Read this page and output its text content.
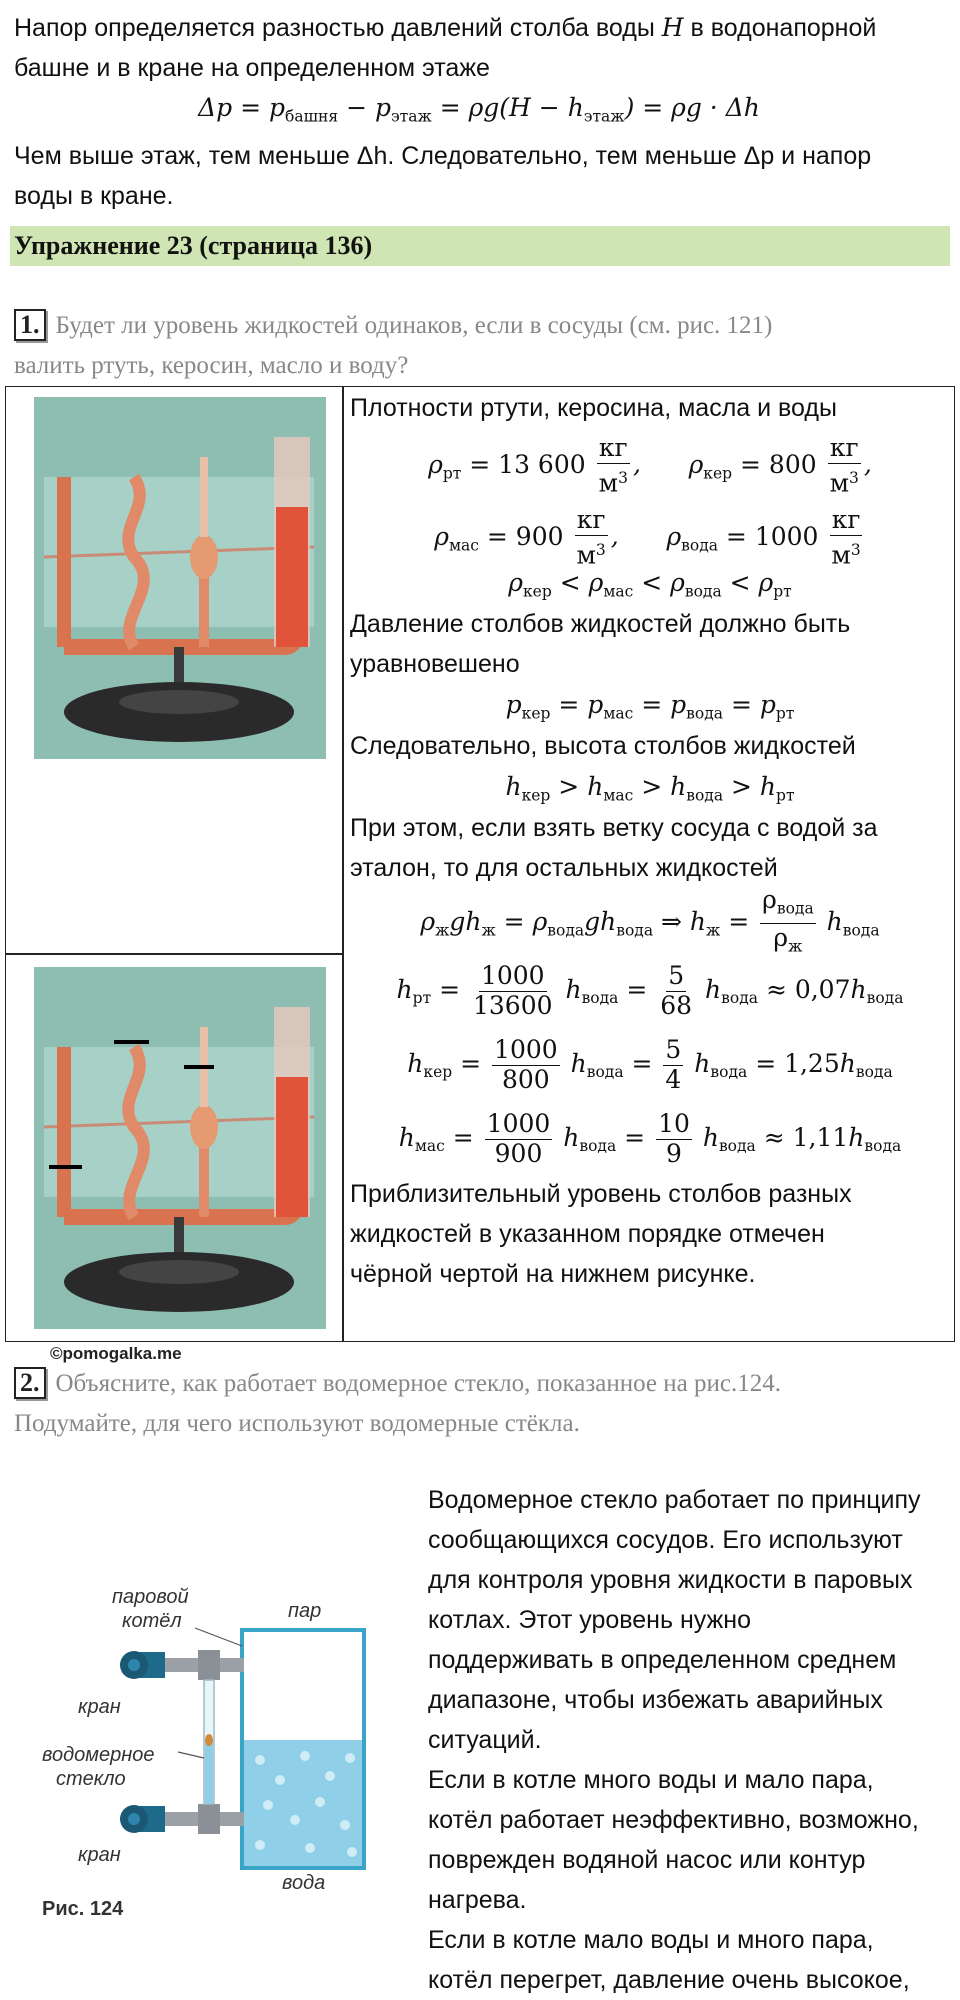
Напор определяется разностью давлений столба воды H в водонапорной
башне и в кране на определенном этаже
$\Delta p = p_{башня} - p_{этаж} = \rho g(H - h_{этаж}) = \rho g \cdot \Delta h$
Чем выше этаж, тем меньше Δh. Следовательно, тем меньше Δp и напор
воды в кране.
Упражнение 23 (страница 136)
1. Будет ли уровень жидкостей одинаков, если в сосуды (см. рис. 121)
валить ртуть, керосин, масло и воду?
Плотности ртути, керосина, масла и воды
$\rho_{рт} = 13$ $600 \frac{кг}{м^3}$ ,      $\rho_{кер} = 800 \frac{кг}{м^3}$ ,
$\rho_{мас} = 900 \frac{кг}{м^3}$ ,      $\rho_{вода} = 1000 \frac{кг}{м^3}$
$\rho_{кер} < \rho_{мас} < \rho_{вода} < \rho_{рт}$
Давление столбов жидкостей должно быть
уравновешено
$p_{кер} = p_{мас} = p_{вода} = p_{рт}$
Следовательно, высота столбов жидкостей
$h_{кер} > h_{мас} > h_{вода} > h_{рт}$
При этом, если взять ветку сосуда с водой за
эталон, то для остальных жидкостей
$\rho_жgh_ж = \rho_{вода}gh_{вода}$ ⇒ $h_ж = \frac{\rho_{вода}}{\rho_ж} h_{вода}$
$h_{рт} = \frac{1000}{13600} h_{вода} = \frac{5}{68} h_{вода} \approx 0,07h_{вода}$
$h_{кер} = \frac{1000}{800} h_{вода} = \frac{5}{4} h_{вода} = 1,25h_{вода}$
$h_{мас} = \frac{1000}{900} h_{вода} = \frac{10}{9} h_{вода} \approx 1,11h_{вода}$
Приблизительный уровень столбов разных
жидкостей в указанном порядке отмечен
чёрной чертой на нижнем рисунке.
©pomogalka.me
2. Объясните, как работает водомерное стекло, показанное на рис.124.
Подумайте, для чего используют водомерные стёкла.
паровой
котёл	пар
кран
водомерное
стекло
кран
вода
Рис. 124
Водомерное стекло работает по принципу
сообщающихся сосудов. Его используют
для контроля уровня жидкости в паровых
котлах. Этот уровень нужно
поддерживать в определенном среднем
диапазоне, чтобы избежать аварийных
ситуаций.
Если в котле много воды и мало пара,
котёл работает неэффективно, возможно,
поврежден водяной насос или контур
нагрева.
Если в котле мало воды и много пара,
котёл перегрет, давление очень высокое,
